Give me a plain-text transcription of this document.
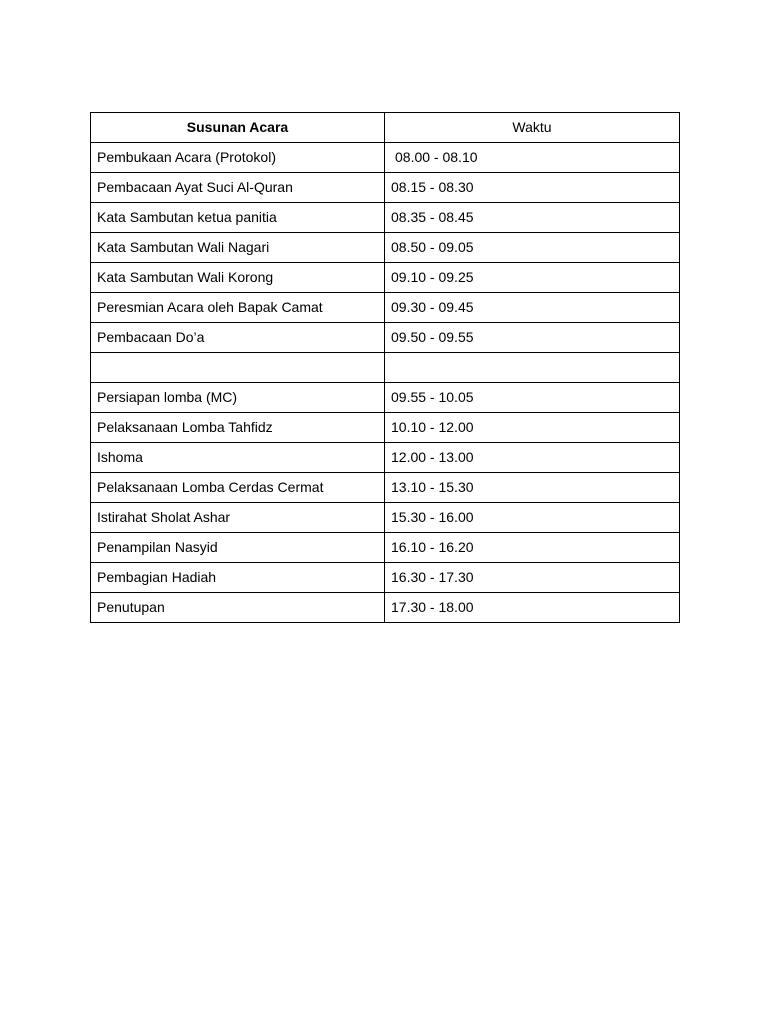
Susunan Acara	Waktu
Pembukaan Acara (Protokol)	08.00 - 08.10
Pembacaan Ayat Suci Al-Quran	08.15 - 08.30
Kata Sambutan ketua panitia	08.35 - 08.45
Kata Sambutan Wali Nagari	08.50 - 09.05
Kata Sambutan Wali Korong	09.10 - 09.25
Peresmian Acara oleh Bapak Camat	09.30 - 09.45
Pembacaan Do’a	09.50 - 09.55

Persiapan lomba (MC)	09.55 - 10.05
Pelaksanaan Lomba Tahfidz	10.10 - 12.00
Ishoma	12.00 - 13.00
Pelaksanaan Lomba Cerdas Cermat	13.10 - 15.30
Istirahat Sholat Ashar	15.30 - 16.00
Penampilan Nasyid	16.10 - 16.20
Pembagian Hadiah	16.30 - 17.30
Penutupan	17.30 - 18.00
